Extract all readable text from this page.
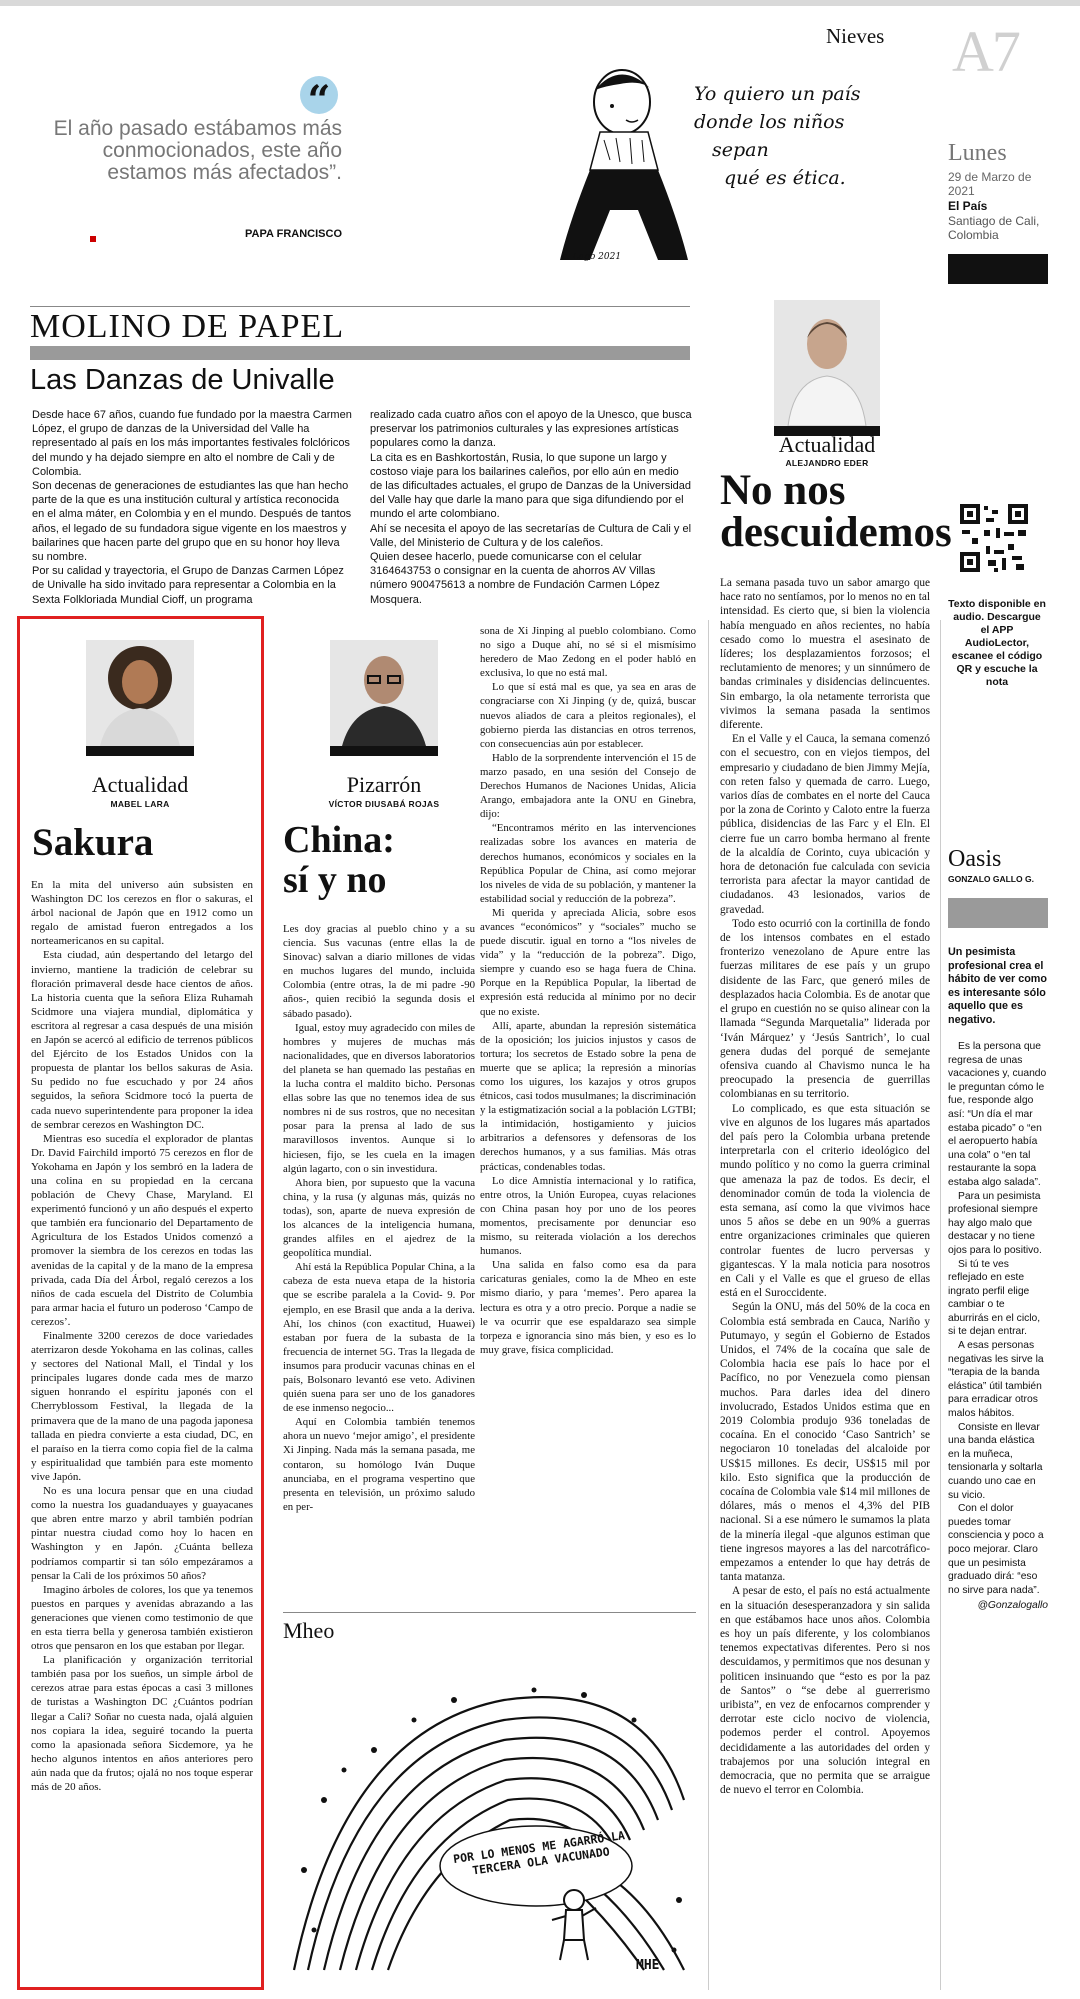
Nieves A7
Lunes
29 de Marzo de 2021
El País
Santiago de Cali, Colombia
“
El año pasado estábamos más conmocionados, este año estamos más afectados”.
PAPA FRANCISCO
Yo quiero un país
donde los niños
sepan
qué es ética.
c. Lago 2021
MOLINO DE PAPEL
Las Danzas de Univalle

Desde hace 67 años, cuando fue fundado por la maestra Carmen López, el grupo de danzas de la Universidad del Valle ha representado al país en los más importantes festivales folclóricos del mundo y ha dejado siempre en alto el nombre de Cali y de Colombia.

Son decenas de generaciones de estudiantes las que han hecho parte de la que es una institución cultural y artística reconocida en el alma máter, en Colombia y en el mundo. Después de tantos años, el legado de su fundadora sigue vigente en los maestros y bailarines que hacen parte del grupo que en su honor hoy lleva su nombre.

Por su calidad y trayectoria, el Grupo de Danzas Carmen López de Univalle ha sido invitado para representar a Colombia en la Sexta Folkloriada Mundial Cioff, un programa

realizado cada cuatro años con el apoyo de la Unesco, que busca preservar los patrimonios culturales y las expresiones artísticas populares como la danza.

La cita es en Bashkortostán, Rusia, lo que supone un largo y costoso viaje para los bailarines caleños, por ello aún en medio de las dificultades actuales, el grupo de Danzas de la Universidad del Valle hay que darle la mano para que siga difundiendo por el mundo el arte colombiano.

Ahí se necesita el apoyo de las secretarías de Cultura de Cali y el Valle, del Ministerio de Cultura y de los caleños.

Quien desee hacerlo, puede comunicarse con el celular 3164643753 o consignar en la cuenta de ahorros AV Villas número 900475613 a nombre de Fundación Carmen López Mosquera.

Actualidad
ALEJANDRO EDER
No nos descuidemos

La semana pasada tuvo un sabor amargo que hace rato no sentíamos, por lo menos no en tal intensidad. Es cierto que, si bien la violencia había menguado en años recientes, no había cesado como lo muestra el asesinato de líderes; los desplazamientos forzosos; el reclutamiento de menores; y un sinnúmero de bandas criminales y disidencias delincuentes. Sin embargo, la ola netamente terrorista que vivimos la semana pasada la sentimos diferente.

En el Valle y el Cauca, la semana comenzó con el secuestro, con en viejos tiempos, del empresario y ciudadano de bien Jimmy Mejía, con reten falso y quemada de carro. Luego, varios días de combates en el norte del Cauca por la zona de Corinto y Caloto entre la fuerza pública, disidencias de las Farc y el Eln. El cierre fue un carro bomba hermano al frente de la alcaldía de Corinto, cuya ubicación y hora de detonación fue calculada con sevicia terrorista para afectar la mayor cantidad de ciudadanos. 43 lesionados, varios de gravedad.

Todo esto ocurrió con la cortinilla de fondo de los intensos combates en el estado fronterizo venezolano de Apure entre las fuerzas militares de ese país y un grupo disidente de las Farc, que generó miles de desplazados hacia Colombia. Es de anotar que el grupo en cuestión no se quiso alinear con la llamada “Segunda Marquetalia” liderada por ‘Iván Márquez’ y ‘Jesús Santrich’, lo cual genera dudas del porqué de semejante ofensiva cuando al Chavismo nunca le ha preocupado la presencia de guerrillas colombianas en su territorio.

Lo complicado, es que esta situación se vive en algunos de los lugares más apartados del país pero la Colombia urbana pretende interpretarla con el criterio ideológico del mundo político y no como la guerra criminal que amenaza la paz de todos. Es decir, el denominador común de toda la violencia de esta semana, así como la que vivimos hace unos 5 años se debe en un 90% a guerras entre organizaciones criminales que quieren controlar fuentes de lucro perversas y gigantescas. Y la mala noticia para nosotros en Cali y el Valle es que el grueso de ellas está en el Suroccidente.

Según la ONU, más del 50% de la coca en Colombia está sembrada en Cauca, Nariño y Putumayo, y según el Gobierno de Estados Unidos, el 74% de la cocaína que sale de Colombia hacia ese país lo hace por el Pacífico, no por Venezuela como piensan muchos. Para darles idea del dinero involucrado, Estados Unidos estima que en 2019 Colombia produjo 936 toneladas de cocaína. En el conocido ‘Caso Santrich’ se negociaron 10 toneladas del alcaloide por US$15 millones. Es decir, US$15 mil por kilo. Esto significa que la producción de cocaína de Colombia vale $14 mil millones de dólares, más o menos el 4,3% del PIB nacional. Si a ese número le sumamos la plata de la minería ilegal -que algunos estiman que tiene ingresos mayores a las del narcotráfico- empezamos a entender lo que hay detrás de tanta matanza.

A pesar de esto, el país no está actualmente en la situación desesperanzadora y sin salida en que estábamos hace unos años. Colombia es hoy un país diferente, y los colombianos tenemos expectativas diferentes. Pero si nos descuidamos, y permitimos que nos desunan y politicen insinuando que “esto es por la paz de Santos” o “se debe al guerrerismo uribista”, en vez de enfocarnos comprender y derrotar este ciclo nocivo de violencia, podemos perder el control. Apoyemos decididamente a las autoridades del orden y trabajemos por una solución integral en democracia, que no permita que se arraigue de nuevo el terror en Colombia.

Texto disponible en audio. Descargue el APP AudioLector, escanee el código QR y escuche la nota
Oasis
GONZALO GALLO G.
Un pesimista profesional crea el hábito de ver como es interesante sólo aquello que es negativo.

Es la persona que regresa de unas vacaciones y, cuando le preguntan cómo le fue, responde algo así: “Un día el mar estaba picado” o “en el aeropuerto había una cola” o “en tal restaurante la sopa estaba algo salada”.

Para un pesimista profesional siempre hay algo malo que destacar y no tiene ojos para lo positivo.

Si tú te ves reflejado en este ingrato perfil elige cambiar o te aburrirás en el ciclo, si te dejan entrar.

A esas personas negativas les sirve la “terapia de la banda elástica” útil también para erradicar otros malos hábitos.

Consiste en llevar una banda elástica en la muñeca, tensionarla y soltarla cuando uno cae en su vicio.

Con el dolor puedes tomar consciencia y poco a poco mejorar. Claro que un pesimista graduado dirá: “eso no sirve para nada”.

@Gonzalogallo

Actualidad
MABEL LARA
Sakura

En la mita del universo aún subsisten en Washington DC los cerezos en flor o sakuras, el árbol nacional de Japón que en 1912 como un regalo de amistad fueron entregados a los norteamericanos en su capital.

Esta ciudad, aún despertando del letargo del invierno, mantiene la tradición de celebrar su floración primaveral desde hace cientos de años. La historia cuenta que la señora Eliza Ruhamah Scidmore una viajera mundial, diplomática y escritora al regresar a casa después de una misión en Japón se acercó al edificio de terrenos públicos del Ejército de los Estados Unidos con la propuesta de plantar los bellos sakuras de Asia. Su pedido no fue escuchado y por 24 años seguidos, la señora Scidmore tocó la puerta de cada nuevo superintendente para proponer la idea de sembrar cerezos en Washington DC.

Mientras eso sucedía el explorador de plantas Dr. David Fairchild importó 75 cerezos en flor de Yokohama en Japón y los sembró en la ladera de una colina en su propiedad en la cercana población de Chevy Chase, Maryland. El experimentó funcionó y un año después el experto que también era funcionario del Departamento de Agricultura de los Estados Unidos comenzó a promover la siembra de los cerezos en todas las avenidas de la capital y de la mano de la empresa privada, cada Día del Árbol, regaló cerezos a los niños de cada escuela del Distrito de Columbia para armar hacia el futuro un poderoso ‘Campo de cerezos’.

Finalmente 3200 cerezos de doce variedades aterrizaron desde Yokohama en las colinas, calles y sectores del National Mall, el Tindal y los principales lugares donde cada mes de marzo siguen honrando el espíritu japonés con el Cherryblossom Festival, la llegada de la primavera que de la mano de una pagoda japonesa tallada en piedra convierte a esta ciudad, DC, en el paraíso en la tierra como copia fiel de la calma y espiritualidad que también para este momento vive Japón.

No es una locura pensar que en una ciudad como la nuestra los guadanduayes y guayacanes que abren entre marzo y abril también podrían pintar nuestra ciudad como hoy lo hacen en Washington y en Japón. ¿Cuánta belleza podríamos compartir si tan sólo empezáramos a pensar la Cali de los próximos 50 años?

Imagino árboles de colores, los que ya tenemos puestos en parques y avenidas abrazando a las generaciones que vienen como testimonio de que en esta tierra bella y generosa también existieron otros que pensaron en los que estaban por llegar.

La planificación y organización territorial también pasa por los sueños, un simple árbol de cerezos atrae para estas épocas a casi 3 millones de turistas a Washington DC ¿Cuántos podrían llegar a Cali? Soñar no cuesta nada, ojalá alguien nos copiara la idea, seguiré tocando la puerta como la apasionada señora Sicdemore, ya he hecho algunos intentos en años anteriores pero aún nada que da frutos; ojalá no nos toque esperar más de 20 años.

Pizarrón
VÍCTOR DIUSABÁ ROJAS
China:
sí y no

Les doy gracias al pueblo chino y a su ciencia. Sus vacunas (entre ellas la de Sinovac) salvan a diario millones de vidas en muchos lugares del mundo, incluida Colombia (entre otras, la de mi padre -90 años-, quien recibió la segunda dosis el sábado pasado).

Igual, estoy muy agradecido con miles de hombres y mujeres de muchas más nacionalidades, que en diversos laboratorios del planeta se han quemado las pestañas en la lucha contra el maldito bicho. Personas ellas sobre las que no tenemos idea de sus nombres ni de sus rostros, que no necesitan posar para la prensa al lado de sus maravillosos inventos. Aunque si lo hiciesen, fijo, se les cuela en la imagen algún lagarto, con o sin investidura.

Ahora bien, por supuesto que la vacuna china, y la rusa (y algunas más, quizás no todas), son, aparte de nueva expresión de los alcances de la inteligencia humana, grandes alfiles en el ajedrez de la geopolítica mundial.

Ahí está la República Popular China, a la cabeza de esta nueva etapa de la historia que se escribe paralela a la Covid- 9. Por ejemplo, en ese Brasil que anda a la deriva. Ahí, los chinos (con exactitud, Huawei) estaban por fuera de la subasta de la frecuencia de internet 5G. Tras la llegada de insumos para producir vacunas chinas en el país, Bolsonaro levantó ese veto. Adivinen quién suena para ser uno de los ganadores de ese inmenso negocio...

Aquí en Colombia también tenemos ahora un nuevo ‘mejor amigo’, el presidente Xi Jinping. Nada más la semana pasada, me contaron, su homólogo Iván Duque anunciaba, en el programa vespertino que presenta en televisión, un próximo saludo en per-

sona de Xi Jinping al pueblo colombiano. Como no sigo a Duque ahí, no sé si el mismísimo heredero de Mao Zedong en el poder habló en exclusiva, lo que no está mal.

Lo que sí está mal es que, ya sea en aras de congraciarse con Xi Jinping (y de, quizá, buscar nuevos aliados de cara a pleitos regionales), el gobierno pierda las distancias en otros terrenos, con consecuencias aún por establecer.

Hablo de la sorprendente intervención el 15 de marzo pasado, en una sesión del Consejo de Derechos Humanos de Naciones Unidas, Alicia Arango, embajadora ante la ONU en Ginebra, dijo:

“Encontramos mérito en las intervenciones realizadas sobre los avances en materia de derechos humanos, económicos y sociales en la República Popular de China, así como mejorar los niveles de vida de su población, y mantener la estabilidad social y reducción de la pobreza”.

Mi querida y apreciada Alicia, sobre esos avances “económicos” y “sociales” mucho se puede discutir. igual en torno a “los niveles de vida” y la “reducción de la pobreza”. Digo, siempre y cuando eso se haga fuera de China. Porque en la República Popular, la libertad de expresión está reducida al mínimo por no decir que no existe.

Allí, aparte, abundan la represión sistemática de la oposición; los juicios injustos y casos de tortura; los secretos de Estado sobre la pena de muerte que se aplica; la represión a minorías como los uigures, los kazajos y otros grupos étnicos, casi todos musulmanes; la discriminación y la estigmatización social a la población LGTBI; la intimidación, hostigamiento y juicios arbitrarios a defensores y defensoras de los derechos humanos, y a sus familias. Más otras prácticas, condenables todas.

Lo dice Amnistía internacional y lo ratifica, entre otros, la Unión Europea, cuyas relaciones con China pasan hoy por uno de los peores momentos, precisamente por denunciar eso mismo, su reiterada violación a los derechos humanos.

Una salida en falso como esa da para caricaturas geniales, como la de Mheo en este mismo diario, y para ‘memes’. Pero aparea la lectura es otra y a otro precio. Porque a nadie se le va ocurrir que ese espaldarazo sea simple torpeza e ignorancia sino más bien, y eso es lo muy grave, física complicidad.

Mheo
POR LO MENOS ME AGARRÓ LA TERCERA OLA VACUNADO
MHE
